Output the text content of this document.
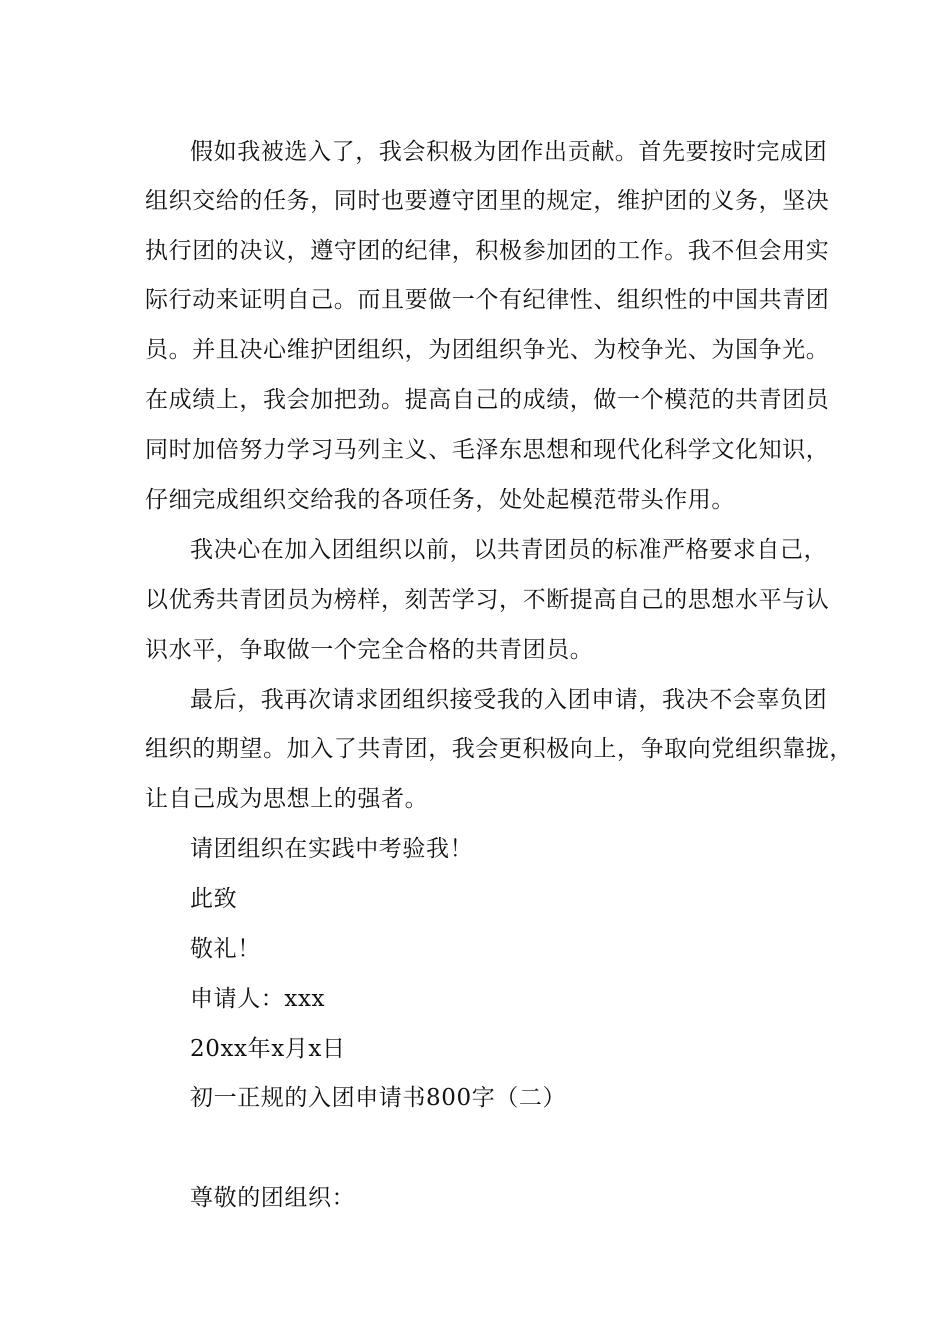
假如我被选入了，我会积极为团作出贡献。首先要按时完成团
组织交给的任务，同时也要遵守团里的规定，维护团的义务，坚决
执行团的决议，遵守团的纪律，积极参加团的工作。我不但会用实
际行动来证明自己。而且要做一个有纪律性、组织性的中国共青团
员。并且决心维护团组织，为团组织争光、为校争光、为国争光。
在成绩上，我会加把劲。提高自己的成绩，做一个模范的共青团员
同时加倍努力学习马列主义、毛泽东思想和现代化科学文化知识，
仔细完成组织交给我的各项任务，处处起模范带头作用。
我决心在加入团组织以前，以共青团员的标准严格要求自己，
以优秀共青团员为榜样，刻苦学习，不断提高自己的思想水平与认
识水平，争取做一个完全合格的共青团员。
最后，我再次请求团组织接受我的入团申请，我决不会辜负团
组织的期望。加入了共青团，我会更积极向上，争取向党组织靠拢，
让自己成为思想上的强者。
请团组织在实践中考验我！
此致
敬礼！
申请人：xxx
20xx年x月x日
初一正规的入团申请书800字（二）
尊敬的团组织：
